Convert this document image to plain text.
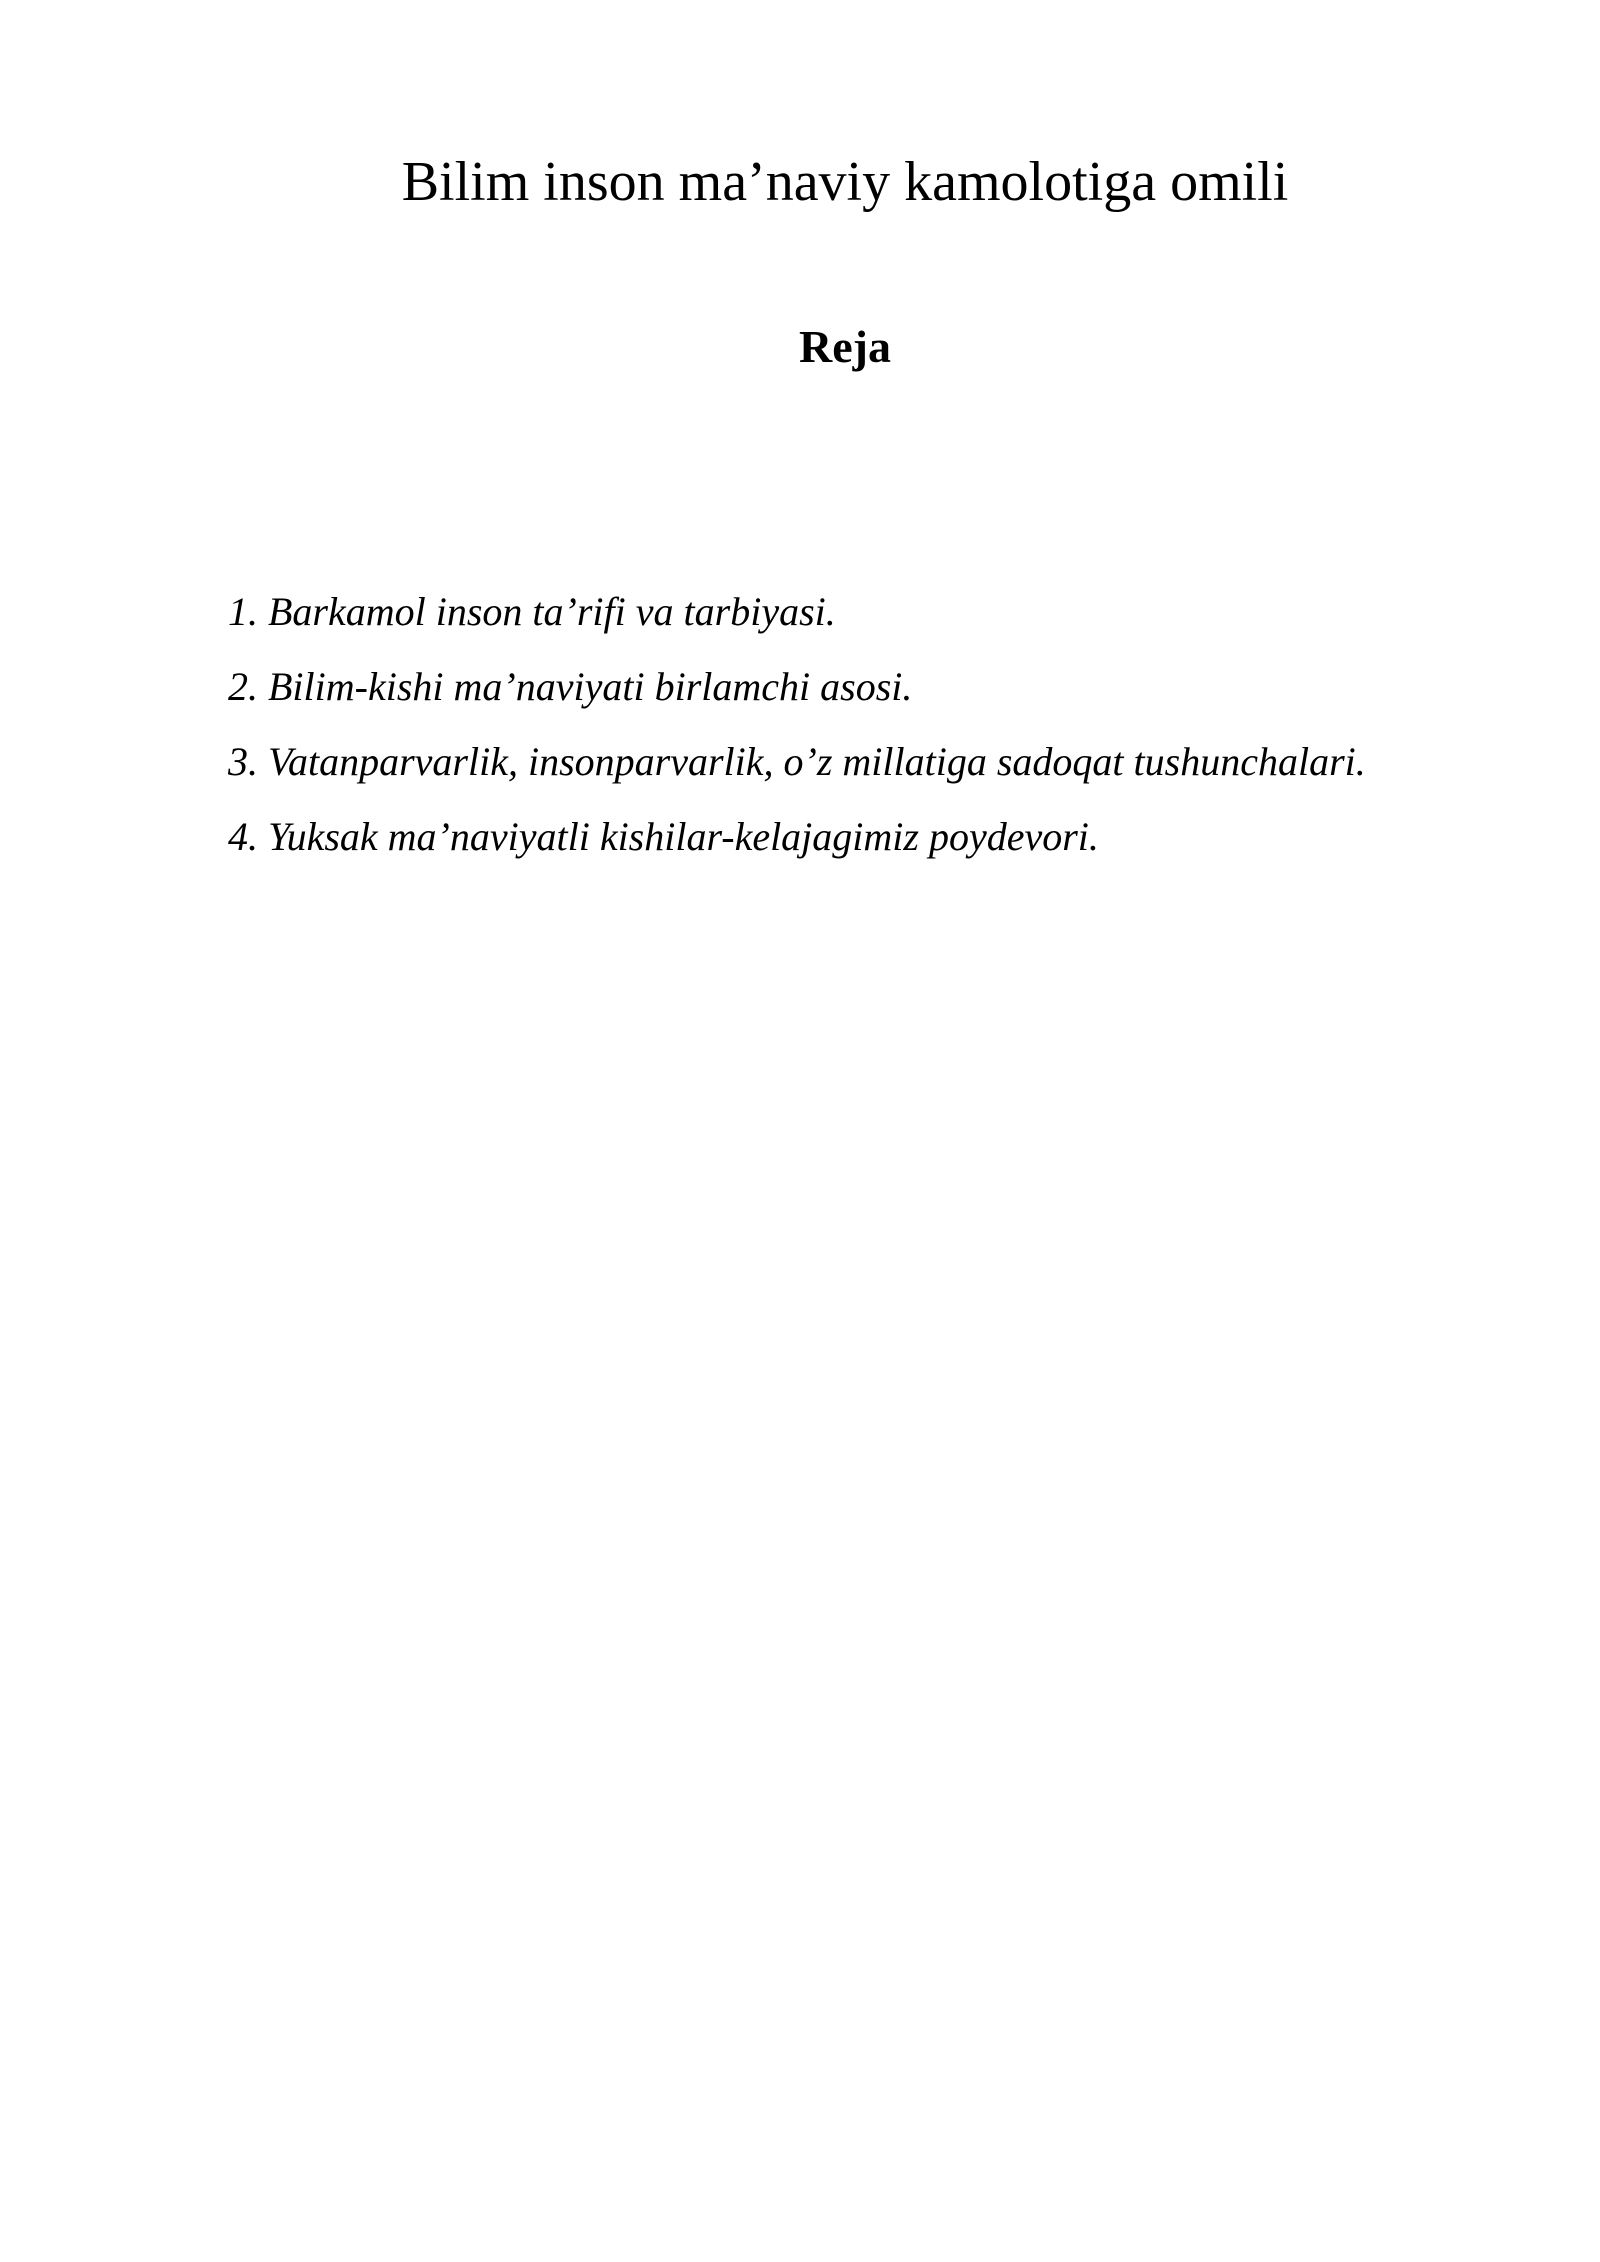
Bilim inson ma’naviy kamolotiga omili
Reja
1. Barkamol inson ta’rifi va tarbiyasi.
2. Bilim-kishi ma’naviyati birlamchi asosi.
3. Vatanparvarlik, insonparvarlik, o’z millatiga sadoqat tushunchalari.
4. Yuksak ma’naviyatli kishilar-kelajagimiz poydevori.
